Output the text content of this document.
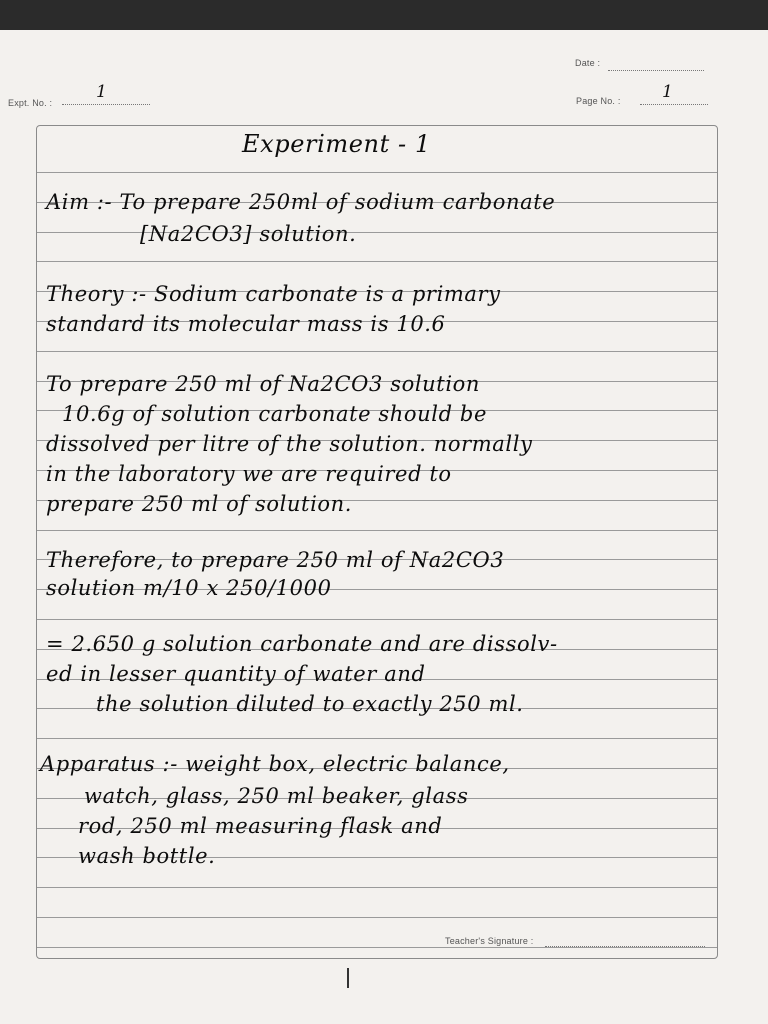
Date :
Expt. No. :
1	Page No. : 1
Experiment - 1
Aim :- To prepare 250ml of sodium carbonate
[Na2CO3] solution.
Theory :- Sodium carbonate is a primary
standard its molecular mass is 10.6
To prepare 250 ml of Na2CO3 solution
10.6g of solution carbonate should be
dissolved per litre of the solution. normally
in the laboratory we are required to
prepare 250 ml of solution.
Therefore, to prepare 250 ml of Na2CO3
solution m/10 x 250/1000
= 2.650 g solution carbonate and are dissolv-
ed in lesser quantity of water and
the solution diluted to exactly 250 ml.
Apparatus :- weight box, electric balance,
watch, glass, 250 ml beaker, glass
rod, 250 ml measuring flask and
wash bottle.
Teacher's Signature :
